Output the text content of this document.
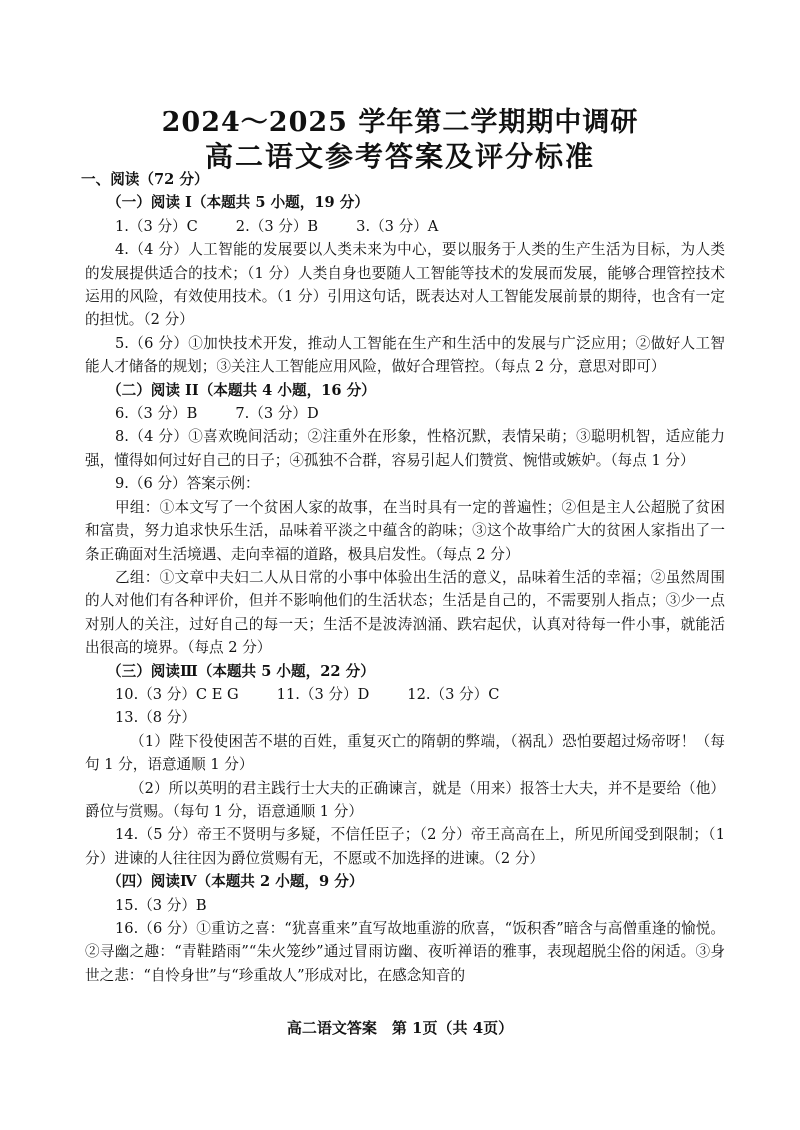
2024～2025 学年第二学期期中调研
高二语文参考答案及评分标准

一、阅读（72 分）

（一）阅读 I（本题共 5 小题，19 分）

1.（3 分）C	2.（3 分）B	3.（3 分）A

4.（4 分）人工智能的发展要以人类未来为中心，要以服务于人类的生产生活为目标，为人类的发展提供适合的技术；（1 分）人类自身也要随人工智能等技术的发展而发展，能够合理管控技术运用的风险，有效使用技术。（1 分）引用这句话，既表达对人工智能发展前景的期待，也含有一定的担忧。（2 分）

5.（6 分）①加快技术开发，推动人工智能在生产和生活中的发展与广泛应用；②做好人工智能人才储备的规划；③关注人工智能应用风险，做好合理管控。（每点 2 分，意思对即可）

（二）阅读 II（本题共 4 小题，16 分）

6.（3 分）B	7.（3 分）D

8.（4 分）①喜欢晚间活动；②注重外在形象，性格沉默，表情呆萌；③聪明机智，适应能力强，懂得如何过好自己的日子；④孤独不合群，容易引起人们赞赏、惋惜或嫉妒。（每点 1 分）

9.（6 分）答案示例：

甲组：①本文写了一个贫困人家的故事，在当时具有一定的普遍性；②但是主人公超脱了贫困和富贵，努力追求快乐生活，品味着平淡之中蕴含的韵味；③这个故事给广大的贫困人家指出了一条正确面对生活境遇、走向幸福的道路，极具启发性。（每点 2 分）

乙组：①文章中夫妇二人从日常的小事中体验出生活的意义，品味着生活的幸福；②虽然周围的人对他们有各种评价，但并不影响他们的生活状态；生活是自己的，不需要别人指点；③少一点对别人的关注，过好自己的每一天；生活不是波涛汹涌、跌宕起伏，认真对待每一件小事，就能活出很高的境界。（每点 2 分）

（三）阅读Ⅲ（本题共 5 小题，22 分）

10.（3 分）C E G	11.（3 分）D	12.（3 分）C

13.（8 分）

（1）陛下役使困苦不堪的百姓，重复灭亡的隋朝的弊端，（祸乱）恐怕要超过炀帝呀！（每句 1 分，语意通顺 1 分）

（2）所以英明的君主践行士大夫的正确谏言，就是（用来）报答士大夫，并不是要给（他）爵位与赏赐。（每句 1 分，语意通顺 1 分）

14.（5 分）帝王不贤明与多疑，不信任臣子；（2 分）帝王高高在上，所见所闻受到限制；（1 分）进谏的人往往因为爵位赏赐有无，不愿或不加选择的进谏。（2 分）

（四）阅读Ⅳ（本题共 2 小题，9 分）

15.（3 分）B

16.（6 分）①重访之喜：“犹喜重来”直写故地重游的欣喜，“饭积香”暗含与高僧重逢的愉悦。②寻幽之趣：“青鞋踏雨”“朱火笼纱”通过冒雨访幽、夜听禅语的雅事，表现超脱尘俗的闲适。③身世之悲：“自怜身世”与“珍重故人”形成对比，在感念知音的

高二语文答案　第 1页（共 4页）
